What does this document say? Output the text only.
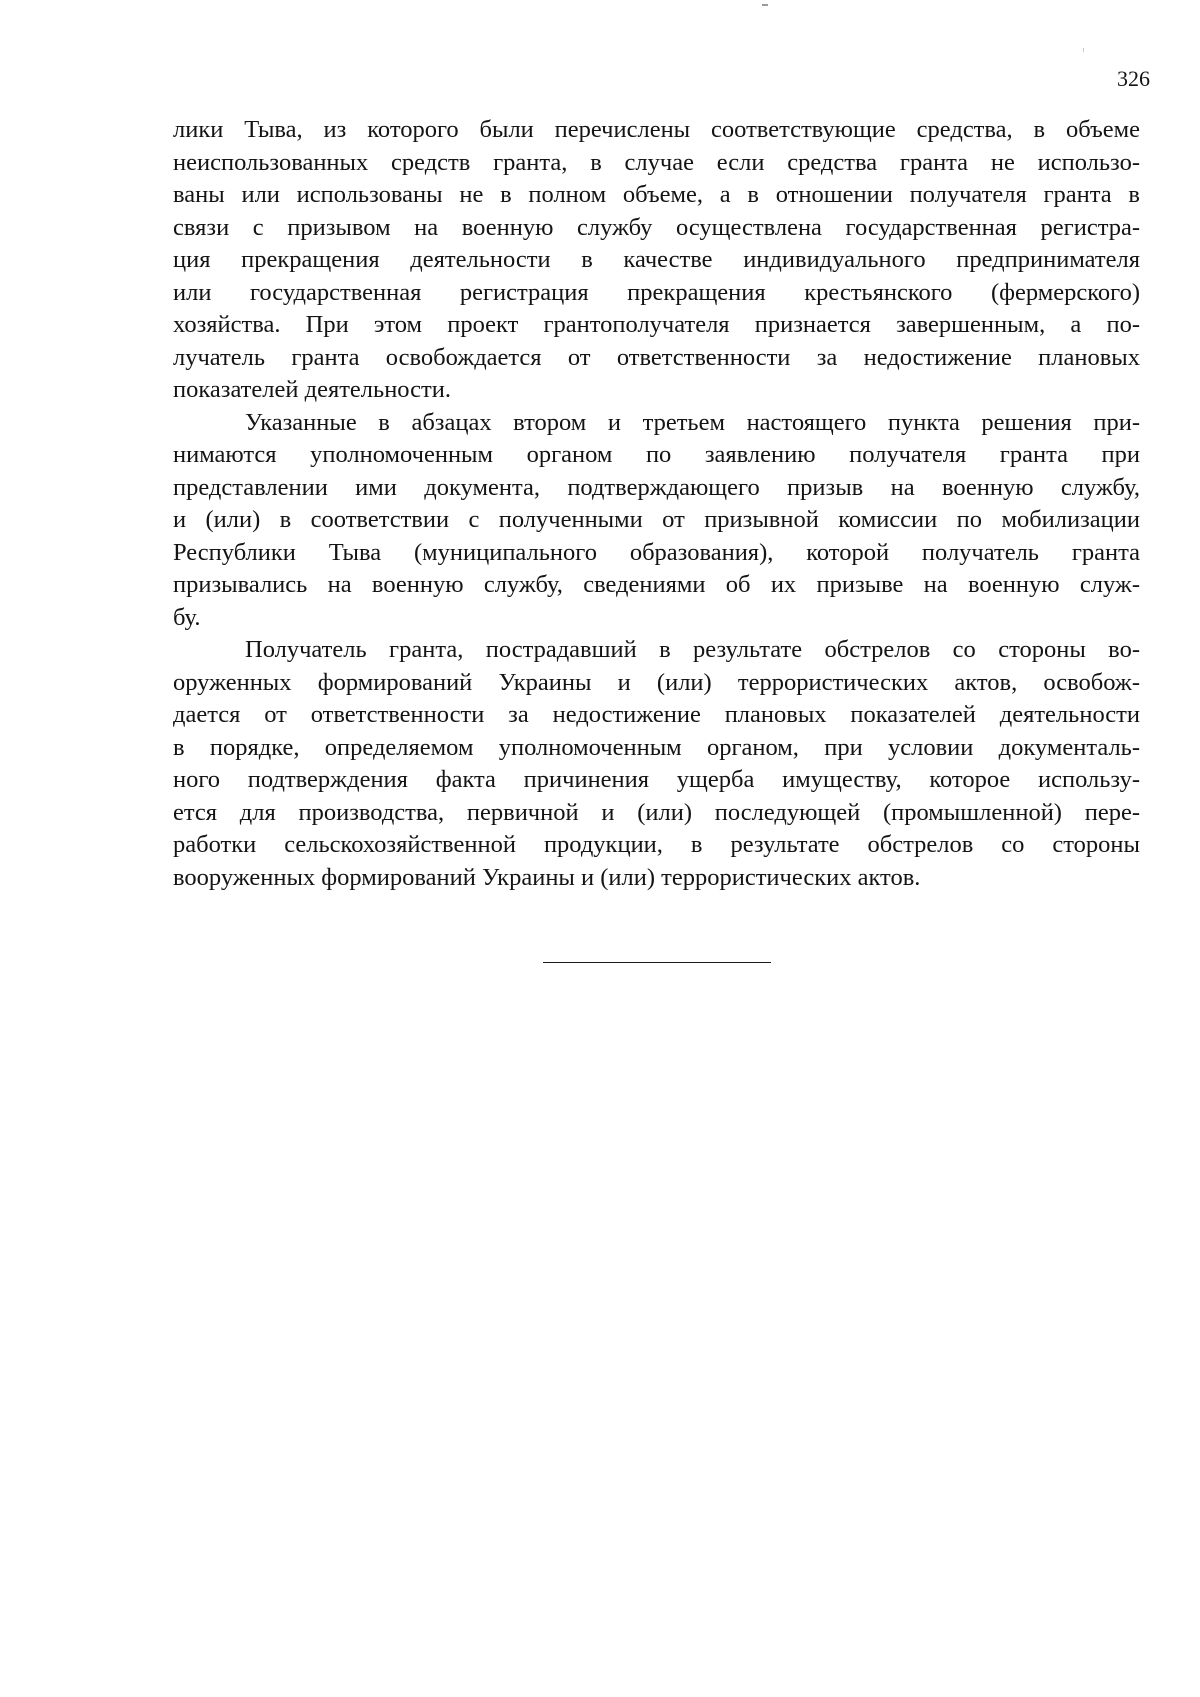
326

лики Тыва, из которого были перечислены соответствующие средства, в объеме
неиспользованных средств гранта, в случае если средства гранта не использо-
ваны или использованы не в полном объеме, а в отношении получателя гранта в
связи с призывом на военную службу осуществлена государственная регистра-
ция прекращения деятельности в качестве индивидуального предпринимателя
или государственная регистрация прекращения крестьянского (фермерского)
хозяйства. При этом проект грантополучателя признается завершенным, а по-
лучатель гранта освобождается от ответственности за недостижение плановых
показателей деятельности.

Указанные в абзацах втором и третьем настоящего пункта решения при-
нимаются уполномоченным органом по заявлению получателя гранта при
представлении ими документа, подтверждающего призыв на военную службу,
и (или) в соответствии с полученными от призывной комиссии по мобилизации
Республики Тыва (муниципального образования), которой получатель гранта
призывались на военную службу, сведениями об их призыве на военную служ-
бу.

Получатель гранта, пострадавший в результате обстрелов со стороны во-
оруженных формирований Украины и (или) террористических актов, освобож-
дается от ответственности за недостижение плановых показателей деятельности
в порядке, определяемом уполномоченным органом, при условии документаль-
ного подтверждения факта причинения ущерба имуществу, которое использу-
ется для производства, первичной и (или) последующей (промышленной) пере-
работки сельскохозяйственной продукции, в результате обстрелов со стороны
вооруженных формирований Украины и (или) террористических актов.
